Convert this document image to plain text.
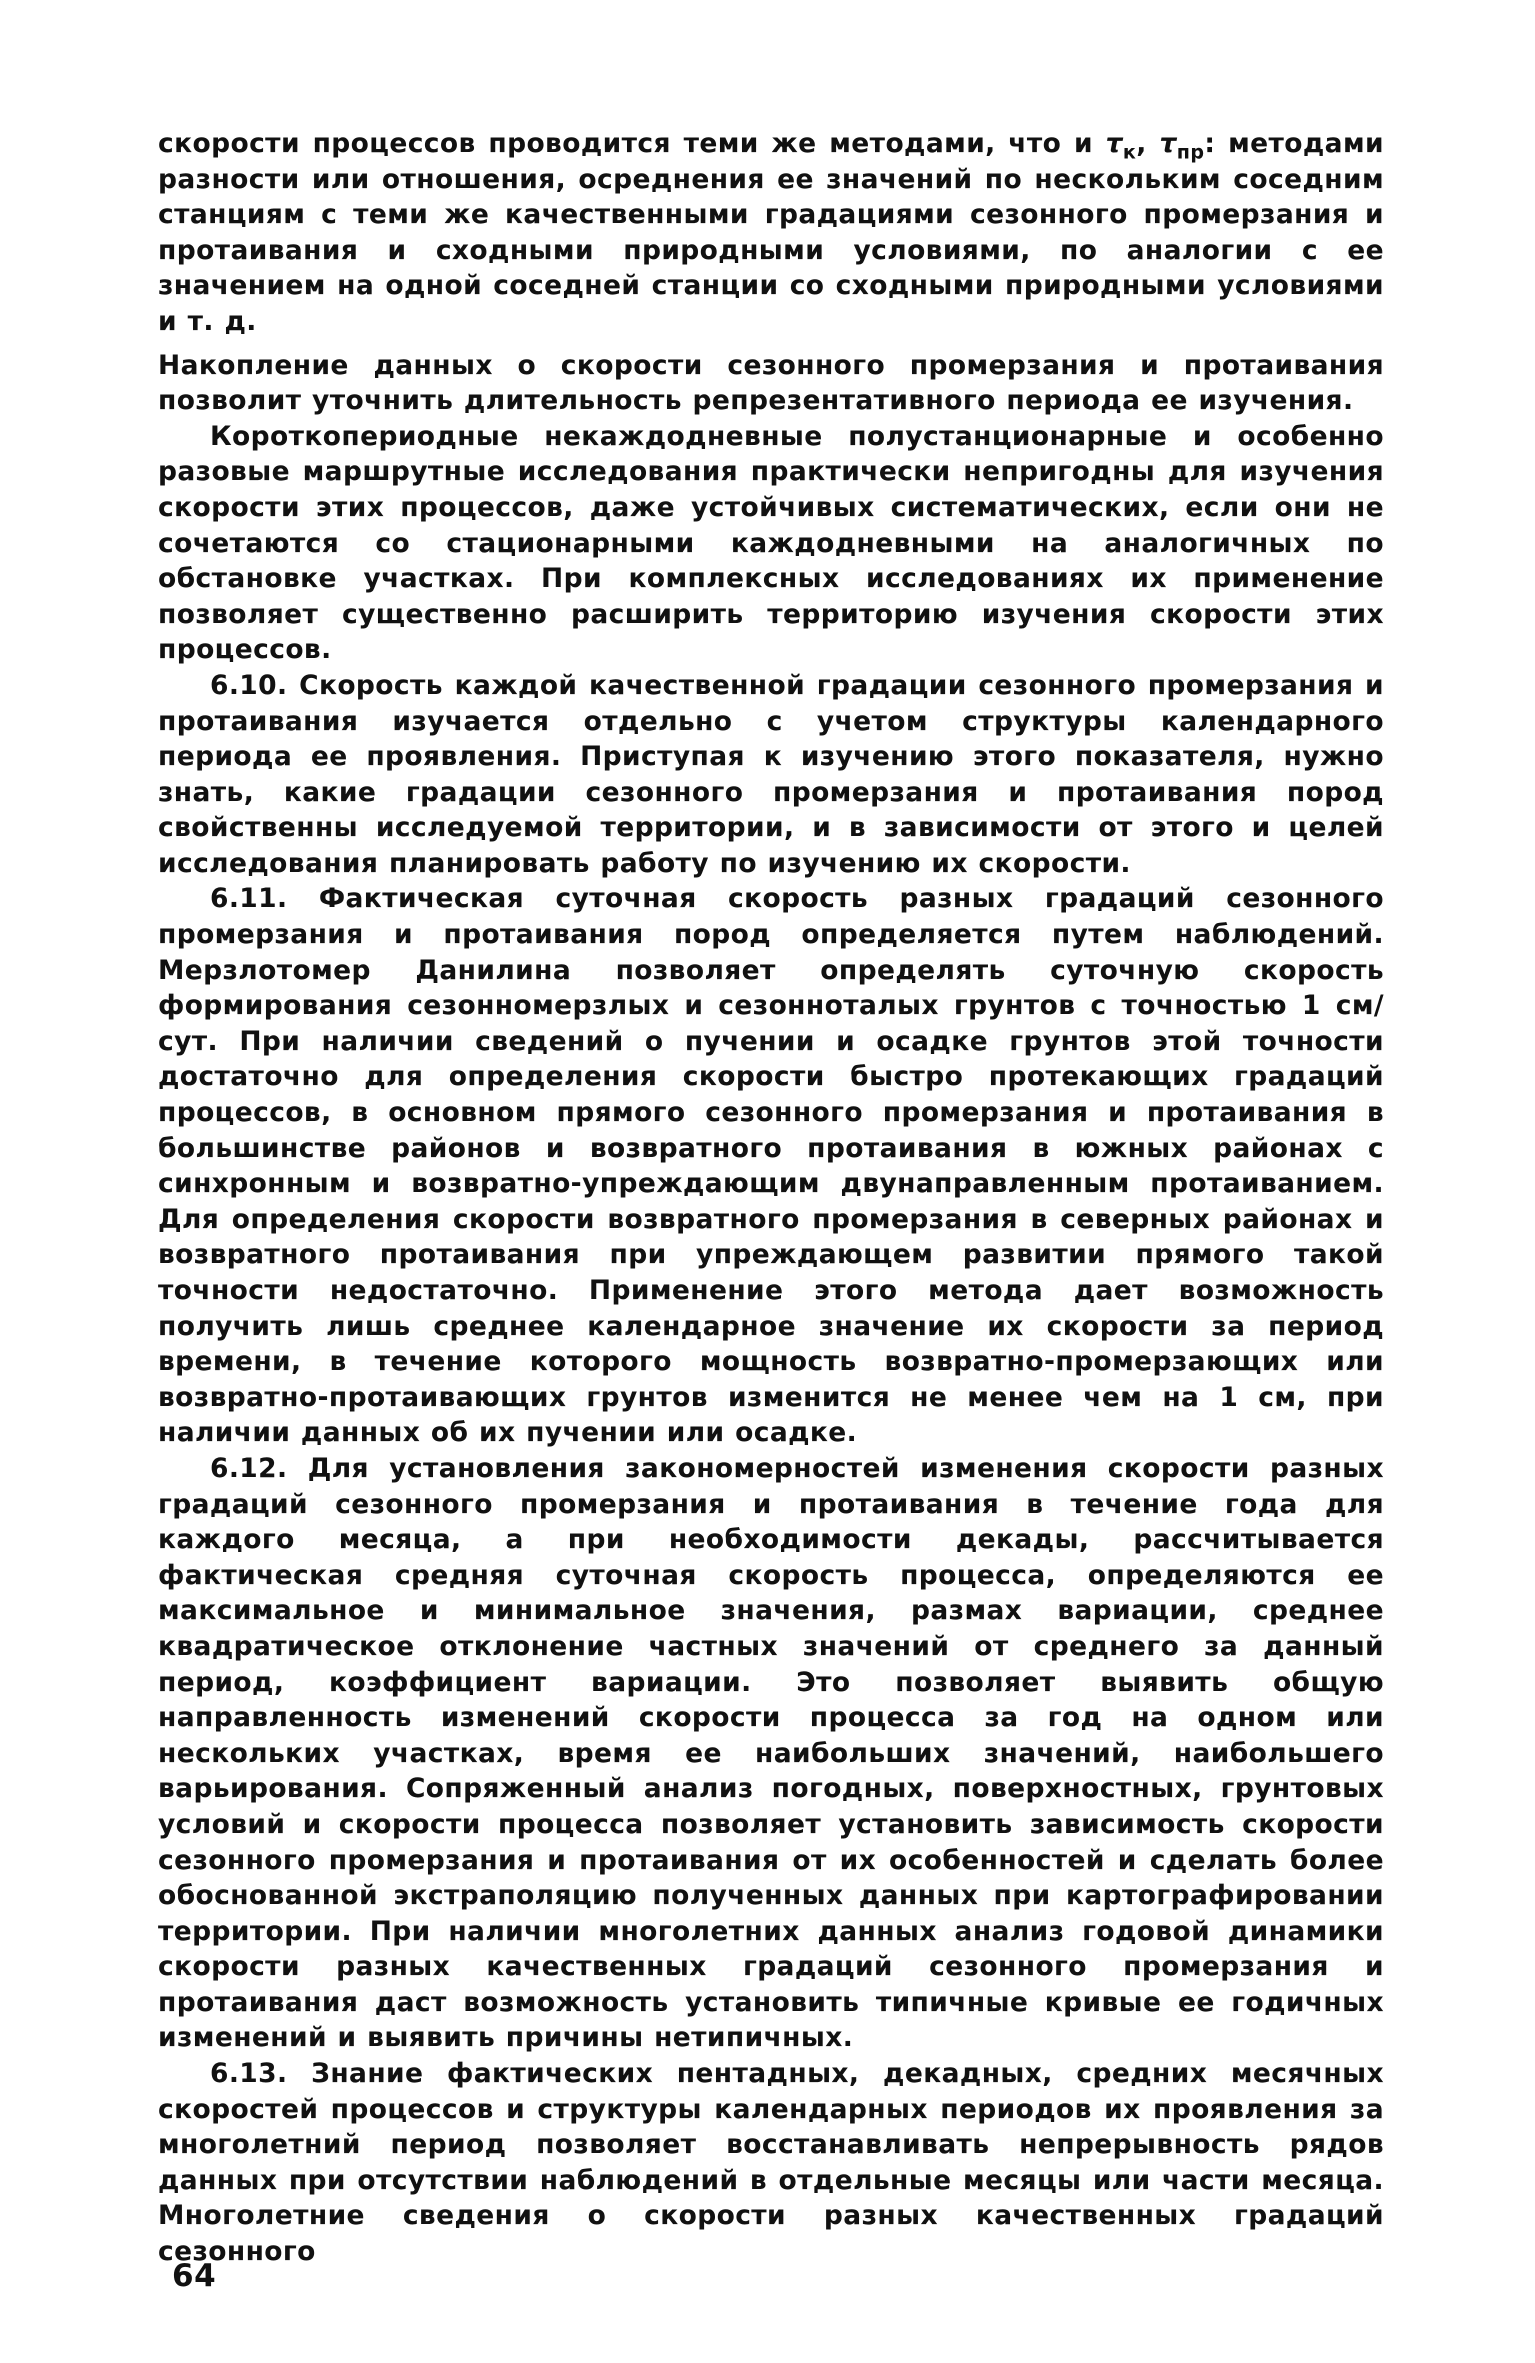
скорости процессов проводится теми же методами, что и $\tau_к$, $\tau_{пр}$: методами разности или отношения, осреднения ее значений по нескольким соседним станциям с теми же качественными градациями сезонного промерзания и протаивания и сходными природными условиями, по аналогии с ее значением на одной соседней станции со сходными природными условиями и т. д.

Накопление данных о скорости сезонного промерзания и протаивания позволит уточнить длительность репрезентативного периода ее изучения.

Короткопериодные некаждодневные полустанционарные и особенно разовые маршрутные исследования практически непригодны для изучения скорости этих процессов, даже устойчивых систематических, если они не сочетаются со стационарными каждодневными на аналогичных по обстановке участках. При комплексных исследованиях их применение позволяет существенно расширить территорию изучения скорости этих процессов.

6.10. Скорость каждой качественной градации сезонного промерзания и протаивания изучается отдельно с учетом структуры календарного периода ее проявления. Приступая к изучению этого показателя, нужно знать, какие градации сезонного промерзания и протаивания пород свойственны исследуемой территории, и в зависимости от этого и целей исследования планировать работу по изучению их скорости.

6.11. Фактическая суточная скорость разных градаций сезонного промерзания и протаивания пород определяется путем наблюдений. Мерзлотомер Данилина позволяет определять суточную скорость формирования сезонномерзлых и сезонноталых грунтов с точностью 1 см/сут. При наличии сведений о пучении и осадке грунтов этой точности достаточно для определения скорости быстро протекающих градаций процессов, в основном прямого сезонного промерзания и протаивания в большинстве районов и возвратного протаивания в южных районах с синхронным и возвратно-упреждающим двунаправленным протаиванием. Для определения скорости возвратного промерзания в северных районах и возвратного протаивания при упреждающем развитии прямого такой точности недостаточно. Применение этого метода дает возможность получить лишь среднее календарное значение их скорости за период времени, в течение которого мощность возвратно-промерзающих или возвратно-протаивающих грунтов изменится не менее чем на 1 см, при наличии данных об их пучении или осадке.

6.12. Для установления закономерностей изменения скорости разных градаций сезонного промерзания и протаивания в течение года для каждого месяца, а при необходимости декады, рассчитывается фактическая средняя суточная скорость процесса, определяются ее максимальное и минимальное значения, размах вариации, среднее квадратическое отклонение частных значений от среднего за данный период, коэффициент вариации. Это позволяет выявить общую направленность изменений скорости процесса за год на одном или нескольких участках, время ее наибольших значений, наибольшего варьирования. Сопряженный анализ погодных, поверхностных, грунтовых условий и скорости процесса позволяет установить зависимость скорости сезонного промерзания и протаивания от их особенностей и сделать более обоснованной экстраполяцию полученных данных при картографировании территории. При наличии многолетних данных анализ годовой динамики скорости разных качественных градаций сезонного промерзания и протаивания даст возможность установить типичные кривые ее годичных изменений и выявить причины нетипичных.

6.13. Знание фактических пентадных, декадных, средних месячных скоростей процессов и структуры календарных периодов их проявления за многолетний период позволяет восстанавливать непрерывность рядов данных при отсутствии наблюдений в отдельные месяцы или части месяца. Многолетние сведения о скорости разных качественных градаций сезонного

64
